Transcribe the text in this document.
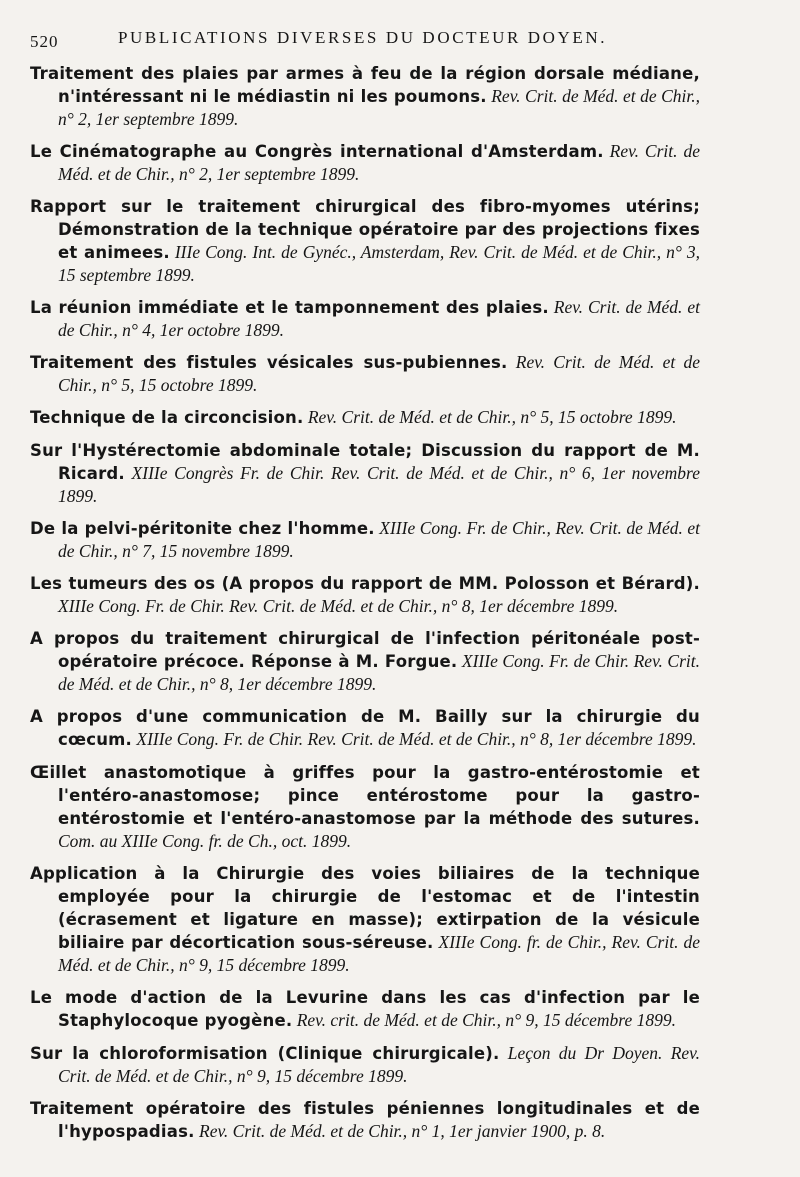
520	PUBLICATIONS DIVERSES DU DOCTEUR DOYEN.

Traitement des plaies par armes à feu de la région dorsale médiane, n'intéressant ni le médiastin ni les poumons. Rev. Crit. de Méd. et de Chir., n° 2, 1er septembre 1899.

Le Cinématographe au Congrès international d'Amsterdam. Rev. Crit. de Méd. et de Chir., n° 2, 1er septembre 1899.

Rapport sur le traitement chirurgical des fibro-myomes utérins; Démonstration de la technique opératoire par des projections fixes et animees. IIIe Cong. Int. de Gynéc., Amsterdam, Rev. Crit. de Méd. et de Chir., n° 3, 15 septembre 1899.

La réunion immédiate et le tamponnement des plaies. Rev. Crit. de Méd. et de Chir., n° 4, 1er octobre 1899.

Traitement des fistules vésicales sus-pubiennes. Rev. Crit. de Méd. et de Chir., n° 5, 15 octobre 1899.

Technique de la circoncision. Rev. Crit. de Méd. et de Chir., n° 5, 15 octobre 1899.

Sur l'Hystérectomie abdominale totale; Discussion du rapport de M. Ricard. XIIIe Congrès Fr. de Chir. Rev. Crit. de Méd. et de Chir., n° 6, 1er novembre 1899.

De la pelvi-péritonite chez l'homme. XIIIe Cong. Fr. de Chir., Rev. Crit. de Méd. et de Chir., n° 7, 15 novembre 1899.

Les tumeurs des os (A propos du rapport de MM. Polosson et Bérard). XIIIe Cong. Fr. de Chir. Rev. Crit. de Méd. et de Chir., n° 8, 1er décembre 1899.

A propos du traitement chirurgical de l'infection péritonéale post-opératoire précoce. Réponse à M. Forgue. XIIIe Cong. Fr. de Chir. Rev. Crit. de Méd. et de Chir., n° 8, 1er décembre 1899.

A propos d'une communication de M. Bailly sur la chirurgie du cœcum. XIIIe Cong. Fr. de Chir. Rev. Crit. de Méd. et de Chir., n° 8, 1er décembre 1899.

Œillet anastomotique à griffes pour la gastro-entérostomie et l'entéro-anastomose; pince entérostome pour la gastro-entérostomie et l'entéro-anastomose par la méthode des sutures. Com. au XIIIe Cong. fr. de Ch., oct. 1899.

Application à la Chirurgie des voies biliaires de la technique employée pour la chirurgie de l'estomac et de l'intestin (écrasement et ligature en masse); extirpation de la vésicule biliaire par décortication sous-séreuse. XIIIe Cong. fr. de Chir., Rev. Crit. de Méd. et de Chir., n° 9, 15 décembre 1899.

Le mode d'action de la Levurine dans les cas d'infection par le Staphylocoque pyogène. Rev. crit. de Méd. et de Chir., n° 9, 15 décembre 1899.

Sur la chloroformisation (Clinique chirurgicale). Leçon du Dr Doyen. Rev. Crit. de Méd. et de Chir., n° 9, 15 décembre 1899.

Traitement opératoire des fistules péniennes longitudinales et de l'hypospadias. Rev. Crit. de Méd. et de Chir., n° 1, 1er janvier 1900, p. 8.
